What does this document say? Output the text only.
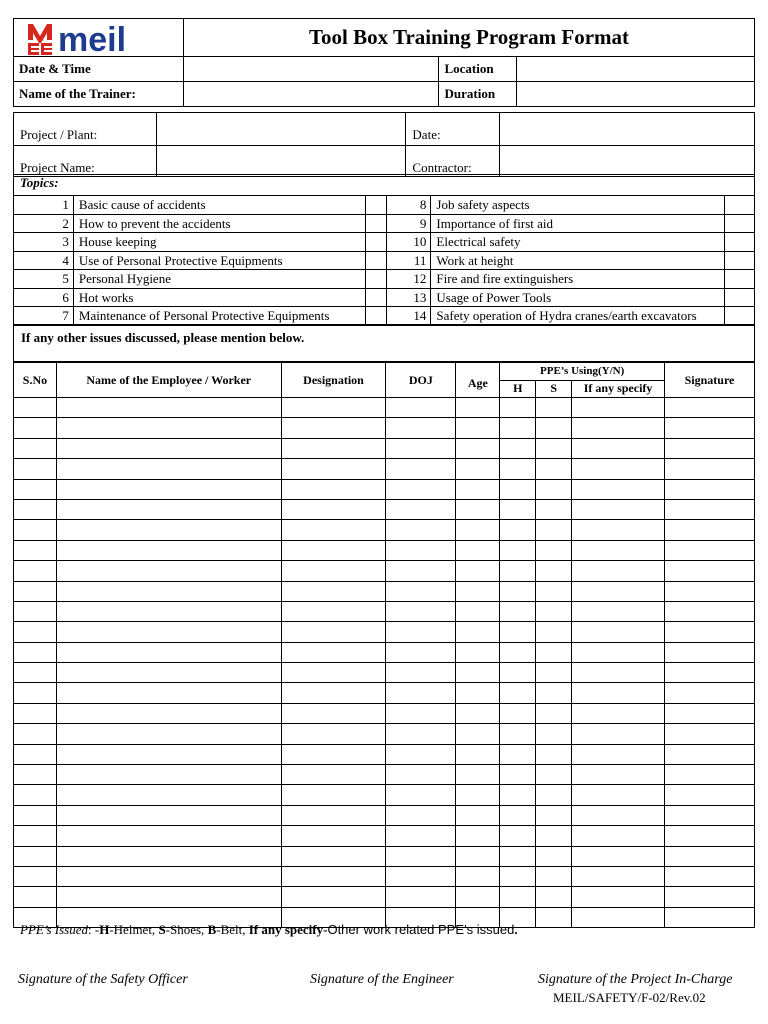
meil	Tool Box Training Program Format		
Date & Time		Location	
Name of the Trainer:		Duration	
Project / Plant:		Date:	
Project Name:		Contractor:	
Topics:
1	Basic cause of accidents		8	Job safety aspects	
2	How to prevent the accidents		9	Importance of first aid	
3	House keeping		10	Electrical safety	
4	Use of Personal Protective Equipments		11	Work at height	
5	Personal Hygiene		12	Fire and fire extinguishers	
6	Hot works		13	Usage of Power Tools	
7	Maintenance of Personal Protective Equipments		14	Safety operation of Hydra cranes/earth excavators	
If any other issues discussed, please mention below.
S.No	Name of the Employee / Worker	Designation	DOJ	Age	PPE’s Using(Y/N)			Signature
					H	S	If any specify	

PPE’s Issued: -H-Helmet, S-Shoes, B-Belt, If any specify-Other work related PPE’s issued.
Signature of the Safety Officer	Signature of the Engineer	Signature of the Project In-Charge
MEIL/SAFETY/F-02/Rev.02
